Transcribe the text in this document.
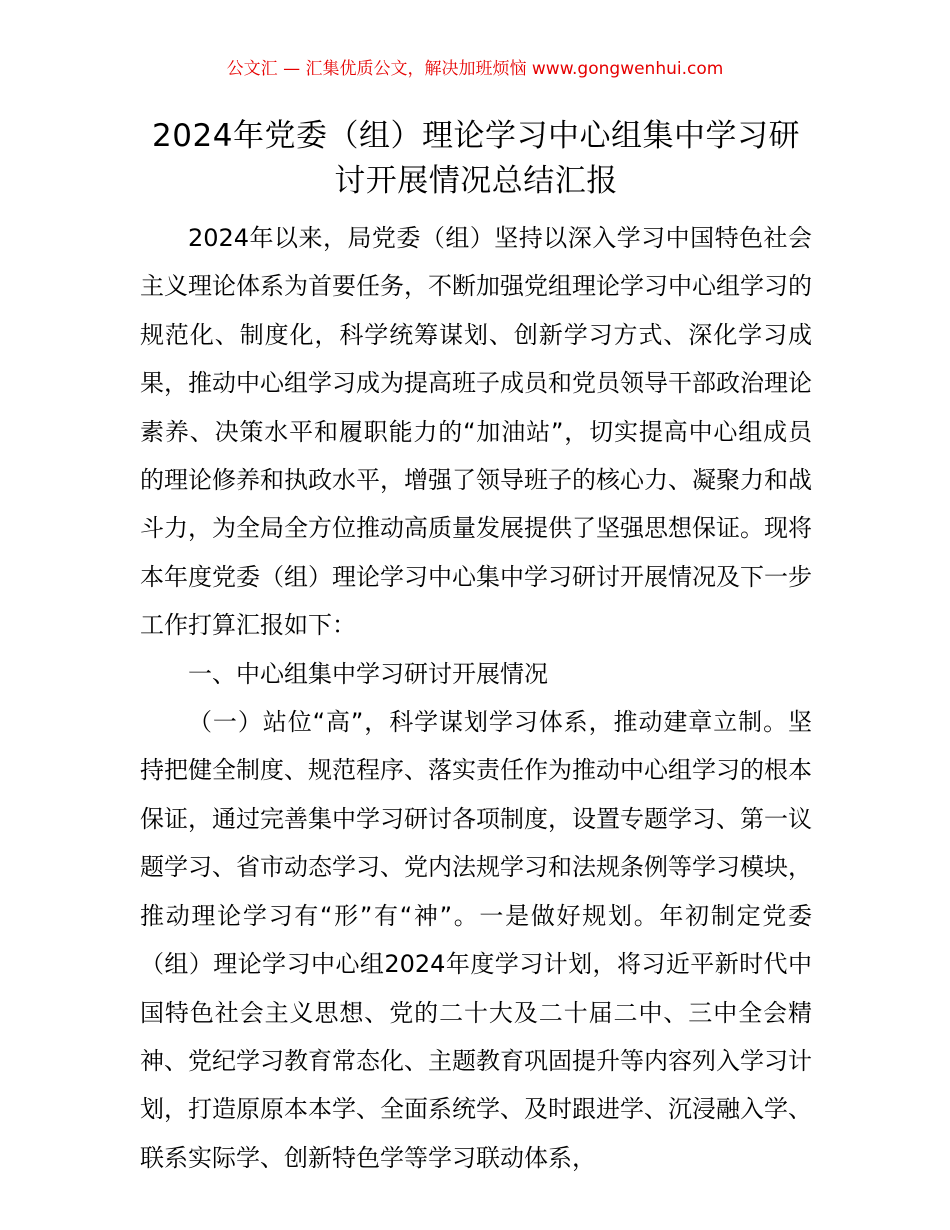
公文汇 — 汇集优质公文，解决加班烦恼 www.gongwenhui.com
2024年党委（组）理论学习中心组集中学习研讨开展情况总结汇报

2024年以来，局党委（组）坚持以深入学习中国特色社会主义理论体系为首要任务，不断加强党组理论学习中心组学习的规范化、制度化，科学统筹谋划、创新学习方式、深化学习成果，推动中心组学习成为提高班子成员和党员领导干部政治理论素养、决策水平和履职能力的“加油站”，切实提高中心组成员的理论修养和执政水平，增强了领导班子的核心力、凝聚力和战斗力，为全局全方位推动高质量发展提供了坚强思想保证。现将本年度党委（组）理论学习中心集中学习研讨开展情况及下一步工作打算汇报如下：

一、中心组集中学习研讨开展情况

（一）站位“高”，科学谋划学习体系，推动建章立制。坚持把健全制度、规范程序、落实责任作为推动中心组学习的根本保证，通过完善集中学习研讨各项制度，设置专题学习、第一议题学习、省市动态学习、党内法规学习和法规条例等学习模块，推动理论学习有“形”有“神”。一是做好规划。年初制定党委（组）理论学习中心组2024年度学习计划，将习近平新时代中国特色社会主义思想、党的二十大及二十届二中、三中全会精神、党纪学习教育常态化、主题教育巩固提升等内容列入学习计划，打造原原本本学、全面系统学、及时跟进学、沉浸融入学、联系实际学、创新特色学等学习联动体系，
